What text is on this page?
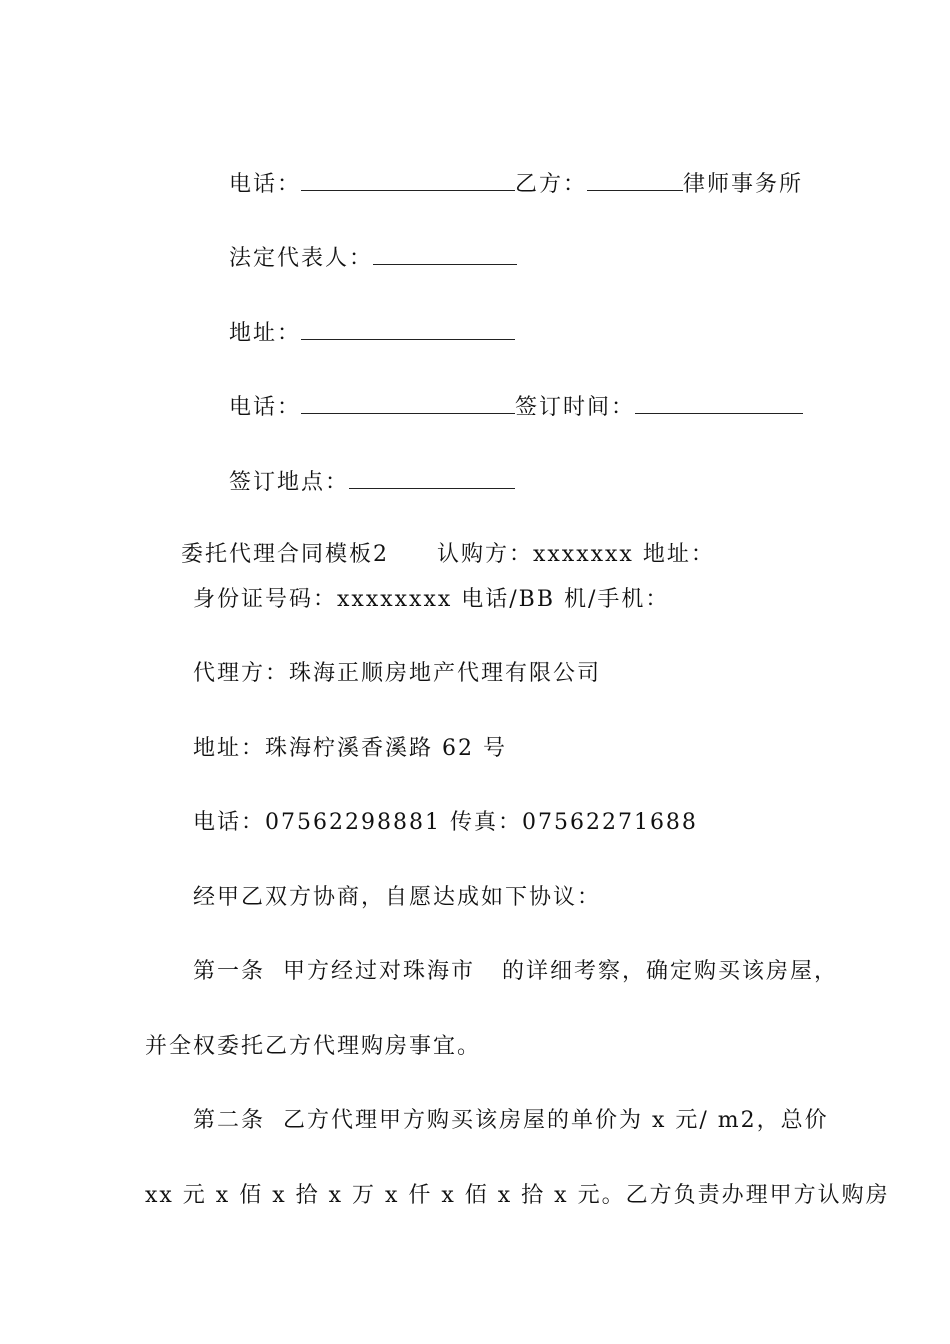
电话：	乙方：	律师事务所

法定代表人：

地址：

电话：	签订时间：

签订地点：

委托代理合同模板2 认购方：xxxxxxx 地址：

身份证号码：xxxxxxxx 电话/BB 机/手机：
代理方：珠海正顺房地产代理有限公司
地址：珠海柠溪香溪路 62 号
电话：07562298881 传真：07562271688
经甲乙双方协商，自愿达成如下协议：
第一条  甲方经过对珠海市   的详细考察，确定购买该房屋，
并全权委托乙方代理购房事宜。
第二条  乙方代理甲方购买该房屋的单价为 x 元/ m2，总价
xx 元 x 佰 x 拾 x 万 x 仟 x 佰 x 拾 x 元。乙方负责办理甲方认购房
